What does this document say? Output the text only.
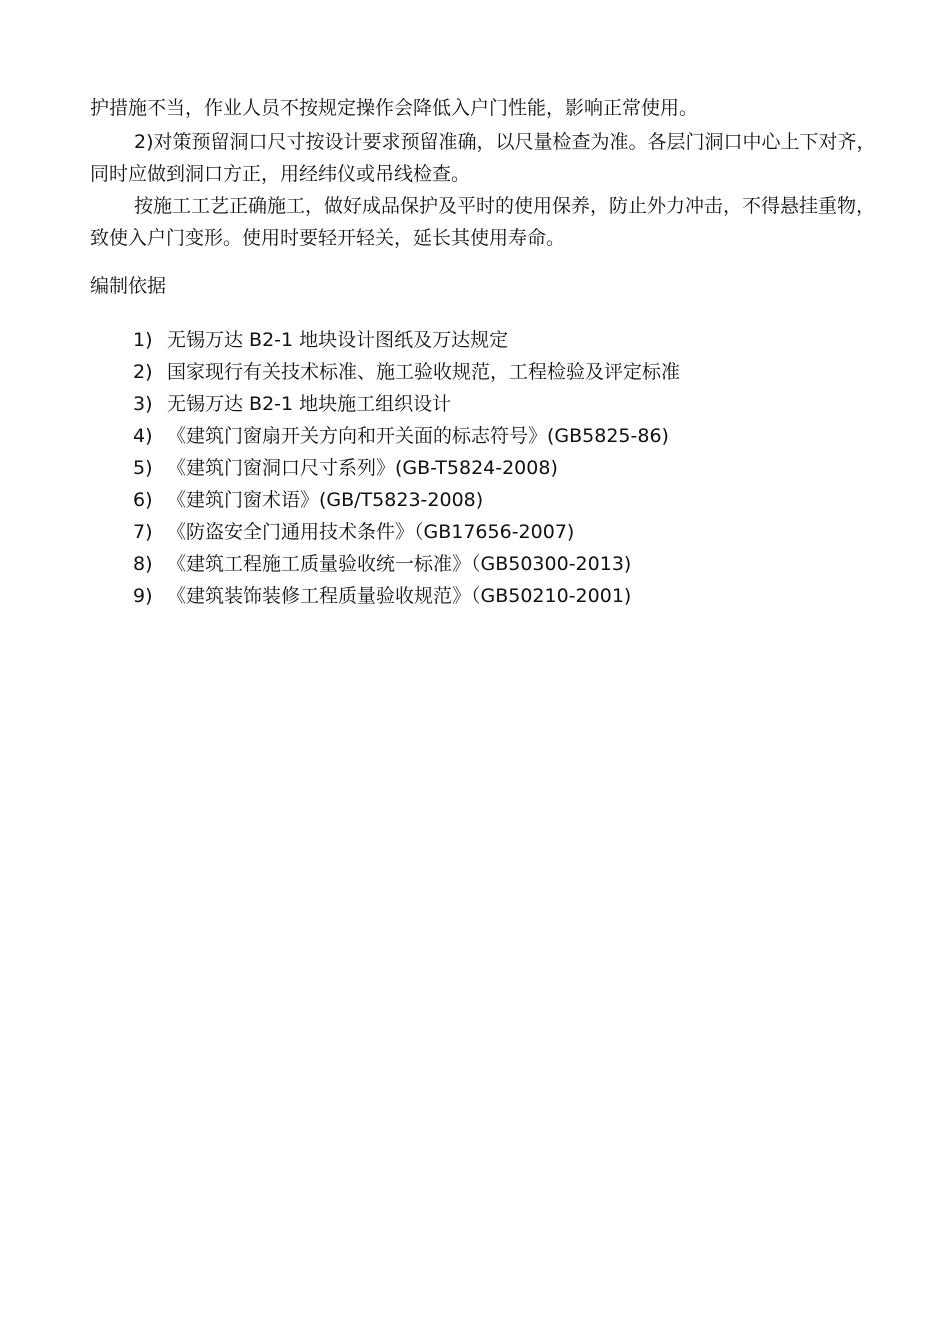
护措施不当，作业人员不按规定操作会降低入户门性能，影响正常使用。

2)对策预留洞口尺寸按设计要求预留准确，以尺量检查为准。各层门洞口中心上下对齐，同时应做到洞口方正，用经纬仪或吊线检查。

按施工工艺正确施工，做好成品保护及平时的使用保养，防止外力冲击，不得悬挂重物，致使入户门变形。使用时要轻开轻关，延长其使用寿命。

编制依据
1) 无锡万达 B2-1 地块设计图纸及万达规定
2) 国家现行有关技术标准、施工验收规范，工程检验及评定标准
3) 无锡万达 B2-1 地块施工组织设计
4) 《建筑门窗扇开关方向和开关面的标志符号》(GB5825-86)
5) 《建筑门窗洞口尺寸系列》(GB-T5824-2008)
6) 《建筑门窗术语》(GB/T5823-2008)
7) 《防盗安全门通用技术条件》（GB17656-2007)
8) 《建筑工程施工质量验收统一标准》（GB50300-2013)
9) 《建筑装饰装修工程质量验收规范》（GB50210-2001)
